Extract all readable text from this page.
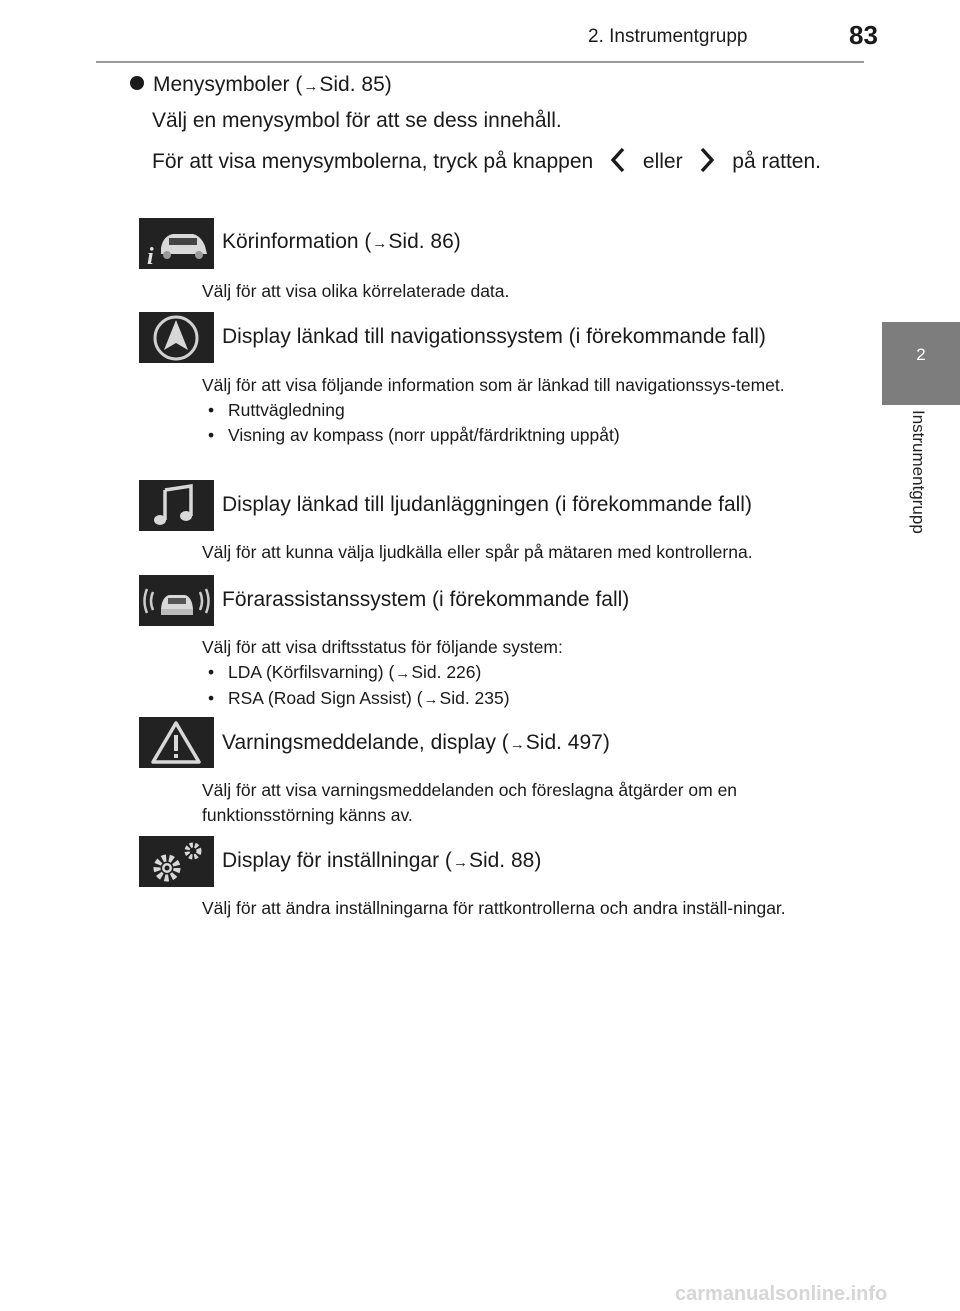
2. Instrumentgrupp	83
2
Instrumentgrupp
Menysymboler (→Sid. 85)
Välj en menysymbol för att se dess innehåll.
För att visa menysymbolerna, tryck på knappen eller på ratten.
i
Körinformation (→Sid. 86)
Välj för att visa olika körrelaterade data.
Display länkad till navigationssystem (i förekommande fall)
Välj för att visa följande information som är länkad till navigationssys-temet.
• Ruttvägledning
• Visning av kompass (norr uppåt/färdriktning uppåt)
Display länkad till ljudanläggningen (i förekommande fall)
Välj för att kunna välja ljudkälla eller spår på mätaren med kontrollerna.
Förarassistanssystem (i förekommande fall)
Välj för att visa driftsstatus för följande system:
• LDA (Körfilsvarning) (→Sid. 226)
• RSA (Road Sign Assist) (→Sid. 235)
Varningsmeddelande, display (→Sid. 497)
Välj för att visa varningsmeddelanden och föreslagna åtgärder om en funktionsstörning känns av.
Display för inställningar (→Sid. 88)
Välj för att ändra inställningarna för rattkontrollerna och andra inställ-ningar.
carmanualsonline.info
